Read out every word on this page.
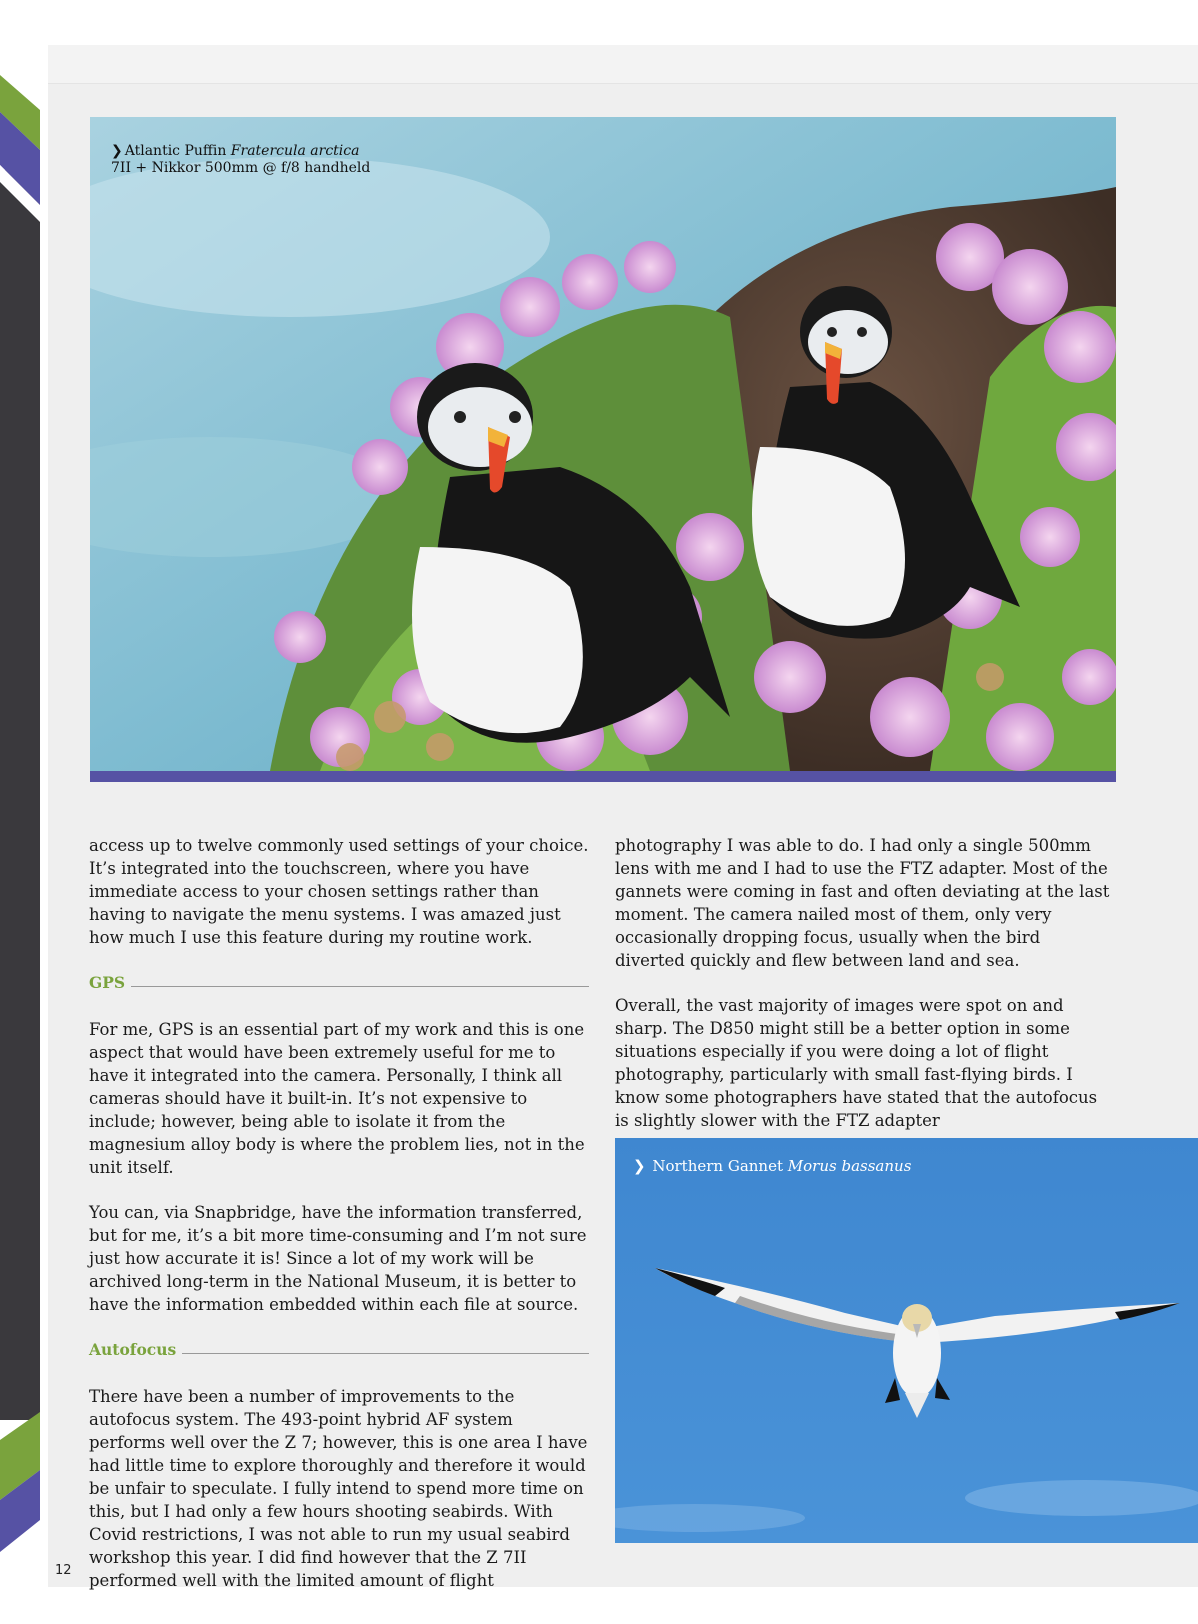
❯ Atlantic Puffin Fratercula arctica
7II + Nikkor 500mm @ f/8 handheld

access up to twelve commonly used settings of your choice. It’s integrated into the touchscreen, where you have immediate access to your chosen settings rather than having to navigate the menu systems. I was amazed just how much I use this feature during my routine work.

GPS

For me, GPS is an essential part of my work and this is one aspect that would have been extremely useful for me to have it integrated into the camera. Personally, I think all cameras should have it built-in. It’s not expensive to include; however, being able to isolate it from the magnesium alloy body is where the problem lies, not in the unit itself.

You can, via Snapbridge, have the information transferred, but for me, it’s a bit more time-consuming and I’m not sure just how accurate it is! Since a lot of my work will be archived long-term in the National Museum, it is better to have the information embedded within each file at source.

Autofocus

There have been a number of improvements to the autofocus system. The 493-point hybrid AF system performs well over the Z 7; however, this is one area I have had little time to explore thoroughly and therefore it would be unfair to speculate. I fully intend to spend more time on this, but I had only a few hours shooting seabirds. With Covid restrictions, I was not able to run my usual seabird workshop this year. I did find however that the Z 7II performed well with the limited amount of flight

photography I was able to do. I had only a single 500mm lens with me and I had to use the FTZ adapter. Most of the gannets were coming in fast and often deviating at the last moment. The camera nailed most of them, only very occasionally dropping focus, usually when the bird diverted quickly and flew between land and sea.

Overall, the vast majority of images were spot on and sharp. The D850 might still be a better option in some situations especially if you were doing a lot of flight photography, particularly with small fast-flying birds. I know some photographers have stated that the autofocus is slightly slower with the FTZ adapter

❯ Northern Gannet Morus bassanus
12
